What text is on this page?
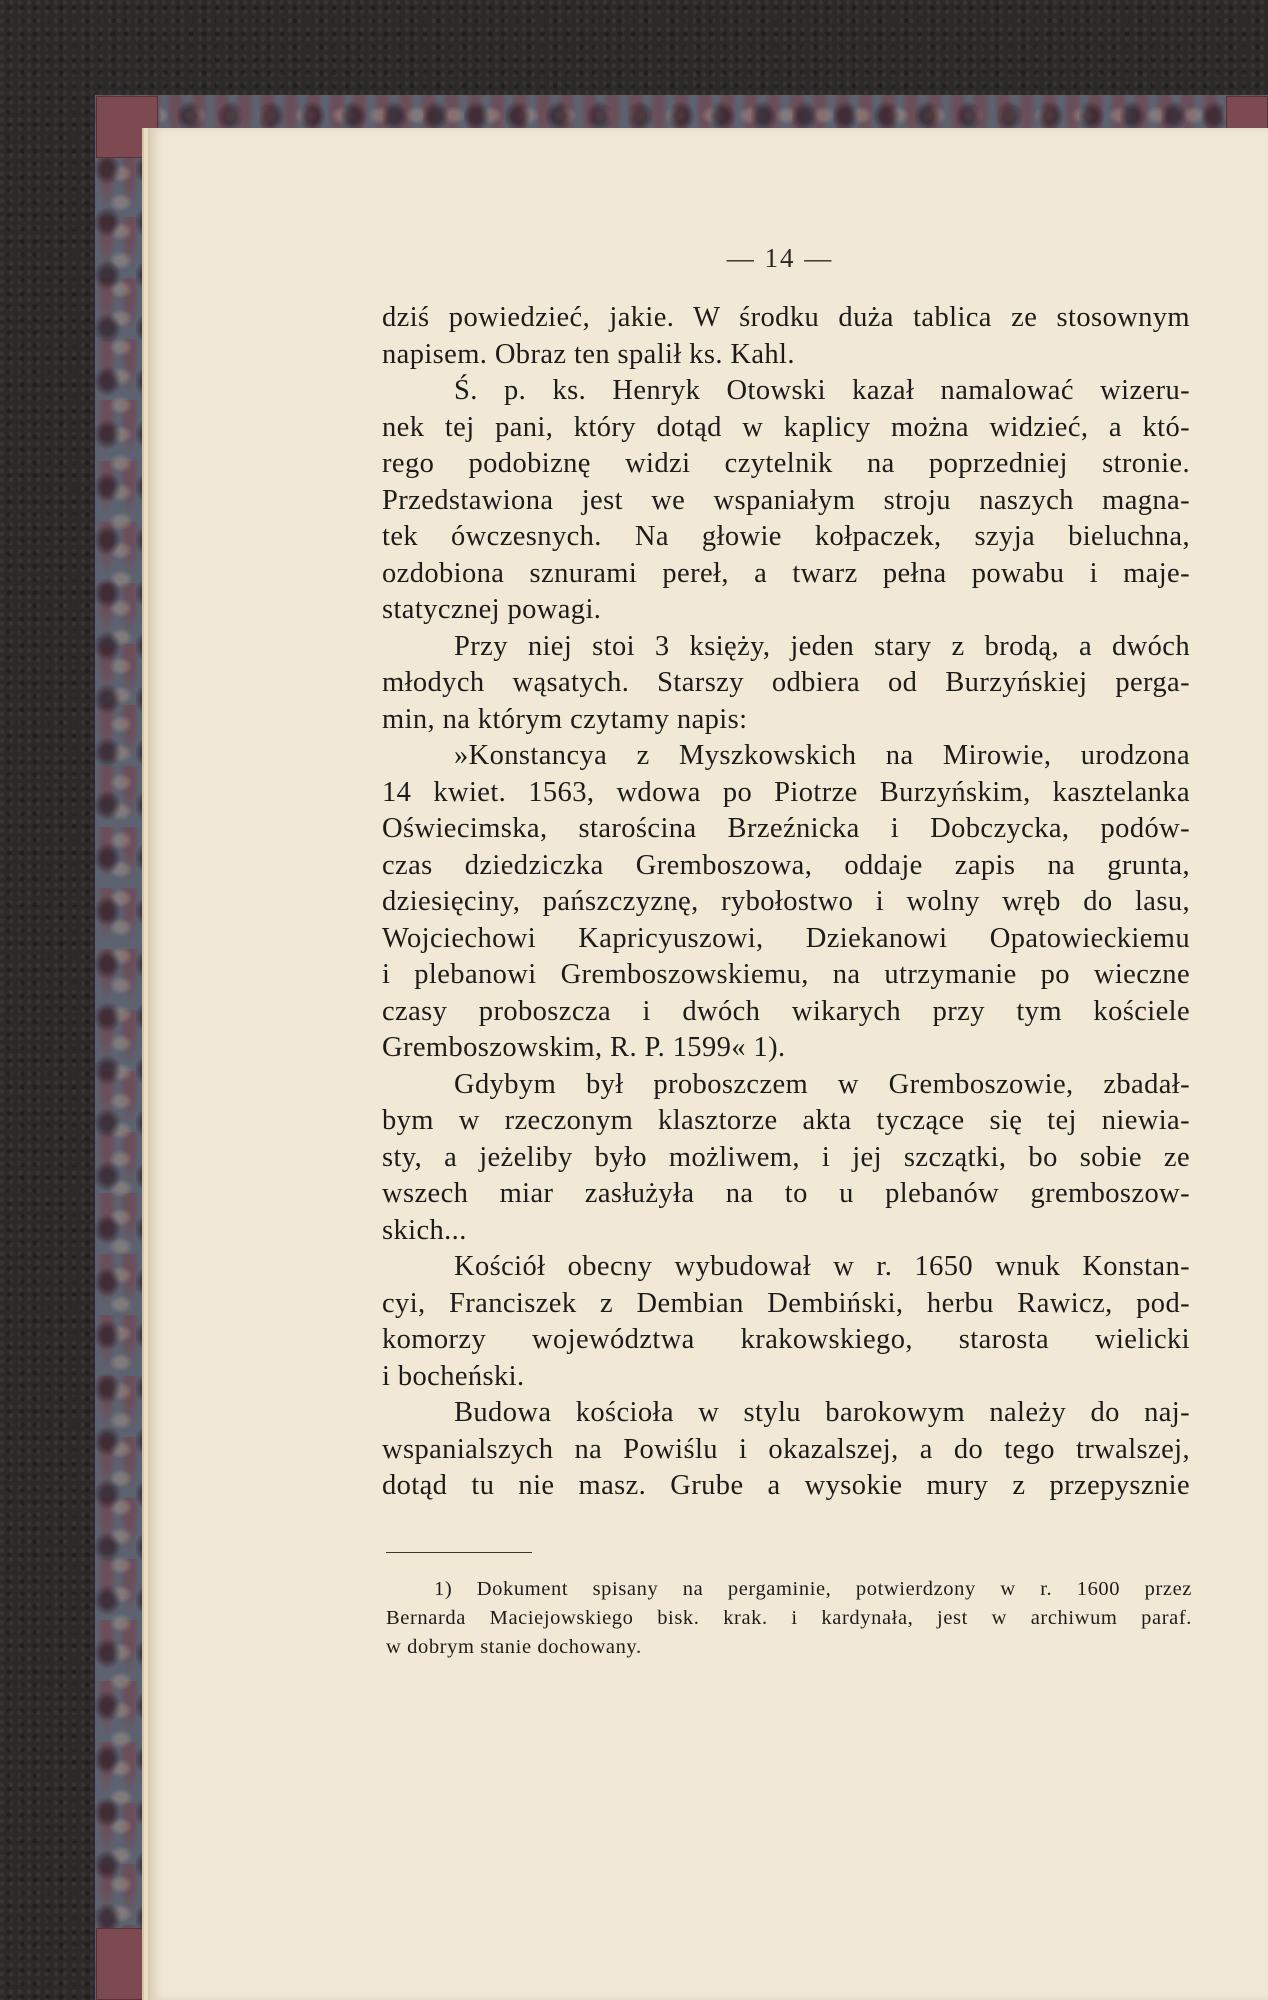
— 14 —
dziś powiedzieć, jakie. W środku duża tablica ze stosownym
napisem. Obraz ten spalił ks. Kahl.
Ś. p. ks. Henryk Otowski kazał namalować wizeru-
nek tej pani, który dotąd w kaplicy można widzieć, a któ-
rego podobiznę widzi czytelnik na poprzedniej stronie.
Przedstawiona jest we wspaniałym stroju naszych magna-
tek ówczesnych. Na głowie kołpaczek, szyja bieluchna,
ozdobiona sznurami pereł, a twarz pełna powabu i maje-
statycznej powagi.
Przy niej stoi 3 księży, jeden stary z brodą, a dwóch
młodych wąsatych. Starszy odbiera od Burzyńskiej perga-
min, na którym czytamy napis:
»Konstancya z Myszkowskich na Mirowie, urodzona
14 kwiet. 1563, wdowa po Piotrze Burzyńskim, kasztelanka
Oświecimska, starościna Brzeźnicka i Dobczycka, podów-
czas dziedziczka Gremboszowa, oddaje zapis na grunta,
dziesięciny, pańszczyznę, rybołostwo i wolny wręb do lasu,
Wojciechowi Kapricyuszowi, Dziekanowi Opatowieckiemu
i plebanowi Gremboszowskiemu, na utrzymanie po wieczne
czasy proboszcza i dwóch wikarych przy tym kościele
Gremboszowskim, R. P. 1599« 1).
Gdybym był proboszczem w Gremboszowie, zbadał-
bym w rzeczonym klasztorze akta tyczące się tej niewia-
sty, a jeżeliby było możliwem, i jej szczątki, bo sobie ze
wszech miar zasłużyła na to u plebanów gremboszow-
skich...
Kościół obecny wybudował w r. 1650 wnuk Konstan-
cyi, Franciszek z Dembian Dembiński, herbu Rawicz, pod-
komorzy województwa krakowskiego, starosta wielicki
i bocheński.
Budowa kościoła w stylu barokowym należy do naj-
wspanialszych na Powiślu i okazalszej, a do tego trwalszej,
dotąd tu nie masz. Grube a wysokie mury z przepysznie
1) Dokument spisany na pergaminie, potwierdzony w r. 1600 przez
Bernarda Maciejowskiego bisk. krak. i kardynała, jest w archiwum paraf.
w dobrym stanie dochowany.
